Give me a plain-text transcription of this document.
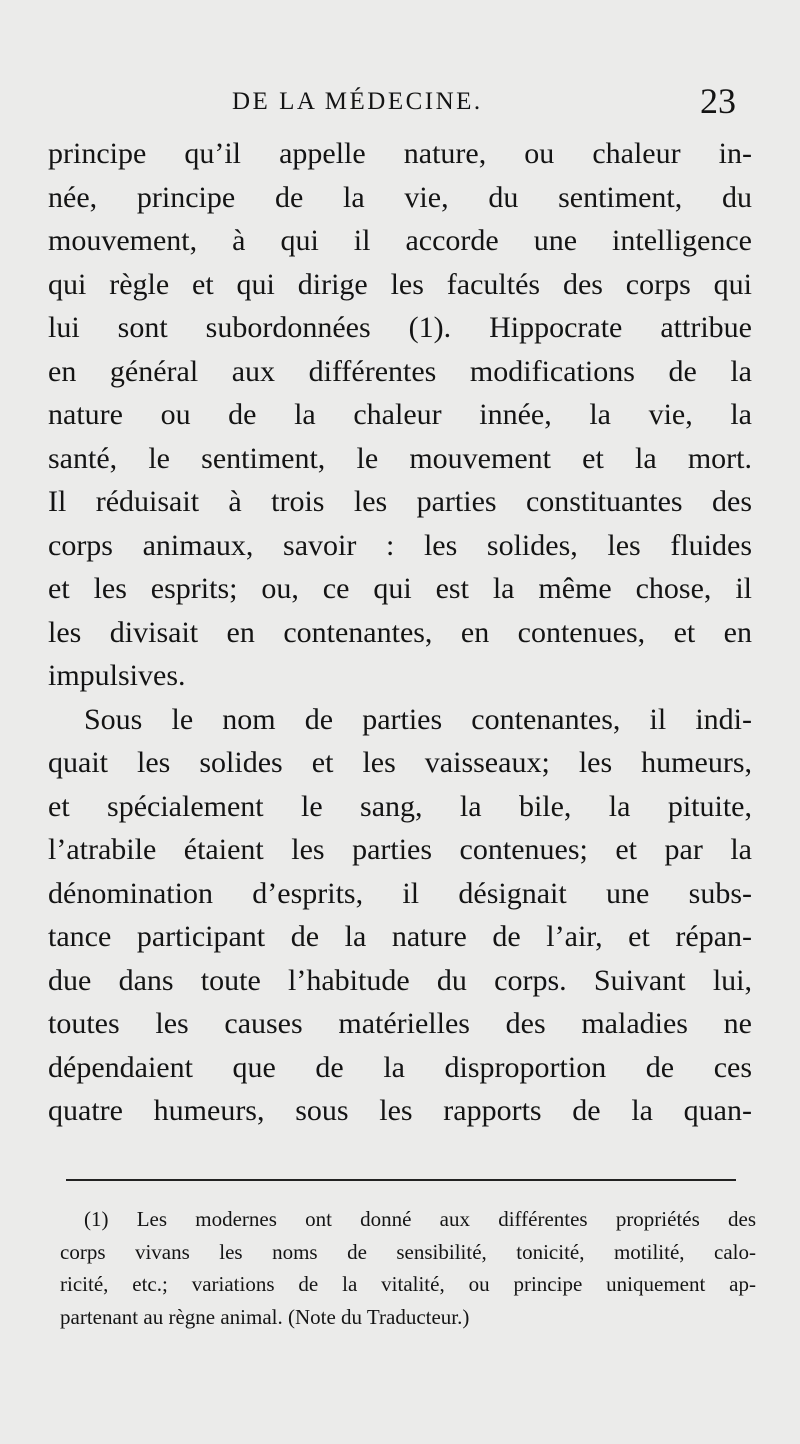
DE LA MÉDECINE.	23
principe qu’il appelle nature, ou chaleur in-
née, principe de la vie, du sentiment, du
mouvement, à qui il accorde une intelligence
qui règle et qui dirige les facultés des corps qui
lui sont subordonnées (1). Hippocrate attribue
en général aux différentes modifications de la
nature ou de la chaleur innée, la vie, la
santé, le sentiment, le mouvement et la mort.
Il réduisait à trois les parties constituantes des
corps animaux, savoir : les solides, les fluides
et les esprits; ou, ce qui est la même chose, il
les divisait en contenantes, en contenues, et en
impulsives.
Sous le nom de parties contenantes, il indi-
quait les solides et les vaisseaux; les humeurs,
et spécialement le sang, la bile, la pituite,
l’atrabile étaient les parties contenues; et par la
dénomination d’esprits, il désignait une subs-
tance participant de la nature de l’air, et répan-
due dans toute l’habitude du corps. Suivant lui,
toutes les causes matérielles des maladies ne
dépendaient que de la disproportion de ces
quatre humeurs, sous les rapports de la quan-
(1) Les modernes ont donné aux différentes propriétés des
corps vivans les noms de sensibilité, tonicité, motilité, calo-
ricité, etc.; variations de la vitalité, ou principe uniquement ap-
partenant au règne animal. (Note du Traducteur.)
